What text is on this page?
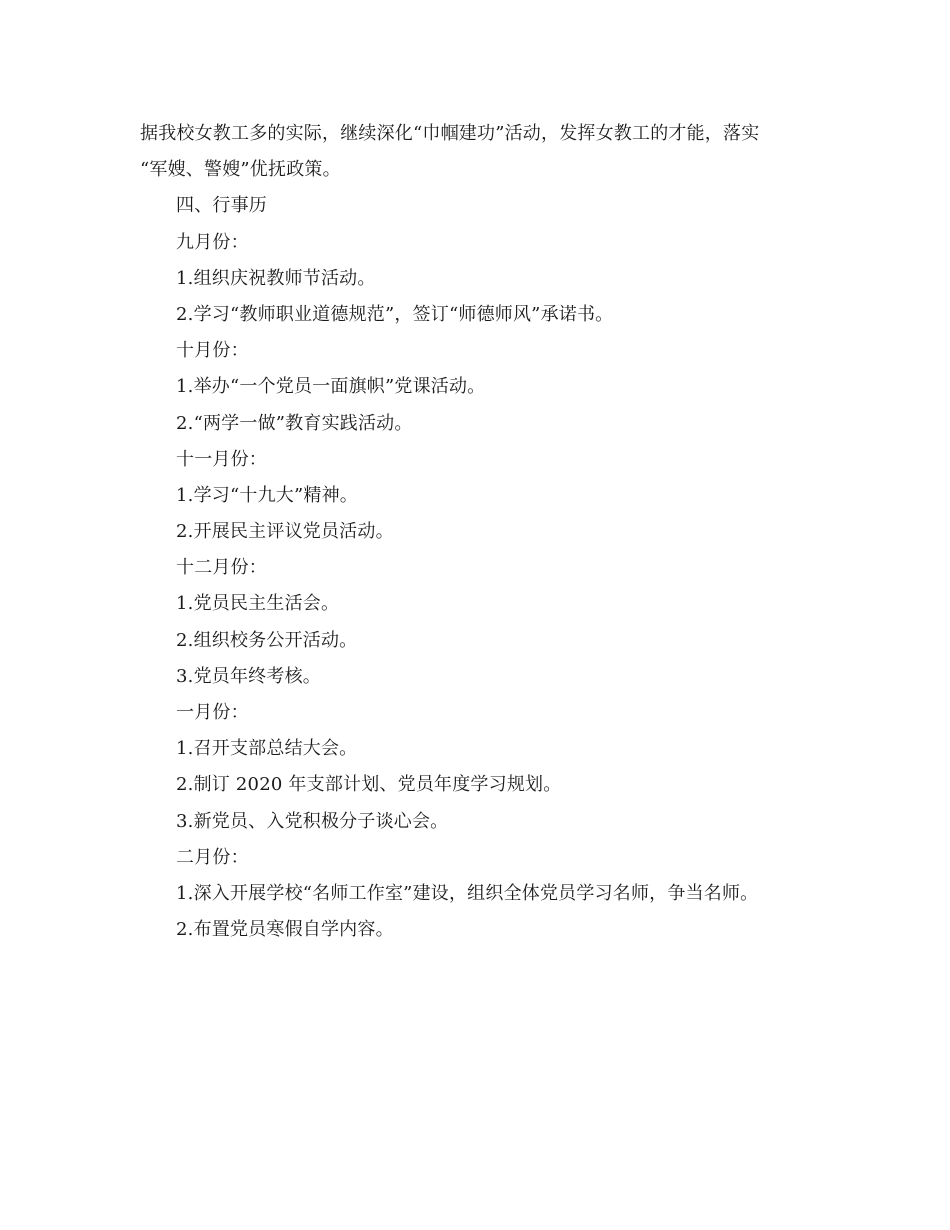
据我校女教工多的实际，继续深化“巾帼建功”活动，发挥女教工的才能，落实
“军嫂、警嫂”优抚政策。
四、行事历
九月份：
1.组织庆祝教师节活动。
2.学习“教师职业道德规范”，签订“师德师风”承诺书。
十月份：
1.举办“一个党员一面旗帜”党课活动。
2.“两学一做”教育实践活动。
十一月份：
1.学习“十九大”精神。
2.开展民主评议党员活动。
十二月份：
1.党员民主生活会。
2.组织校务公开活动。
3.党员年终考核。
一月份：
1.召开支部总结大会。
2.制订 2020 年支部计划、党员年度学习规划。
3.新党员、入党积极分子谈心会。
二月份：
1.深入开展学校“名师工作室”建设，组织全体党员学习名师，争当名师。
2.布置党员寒假自学内容。
